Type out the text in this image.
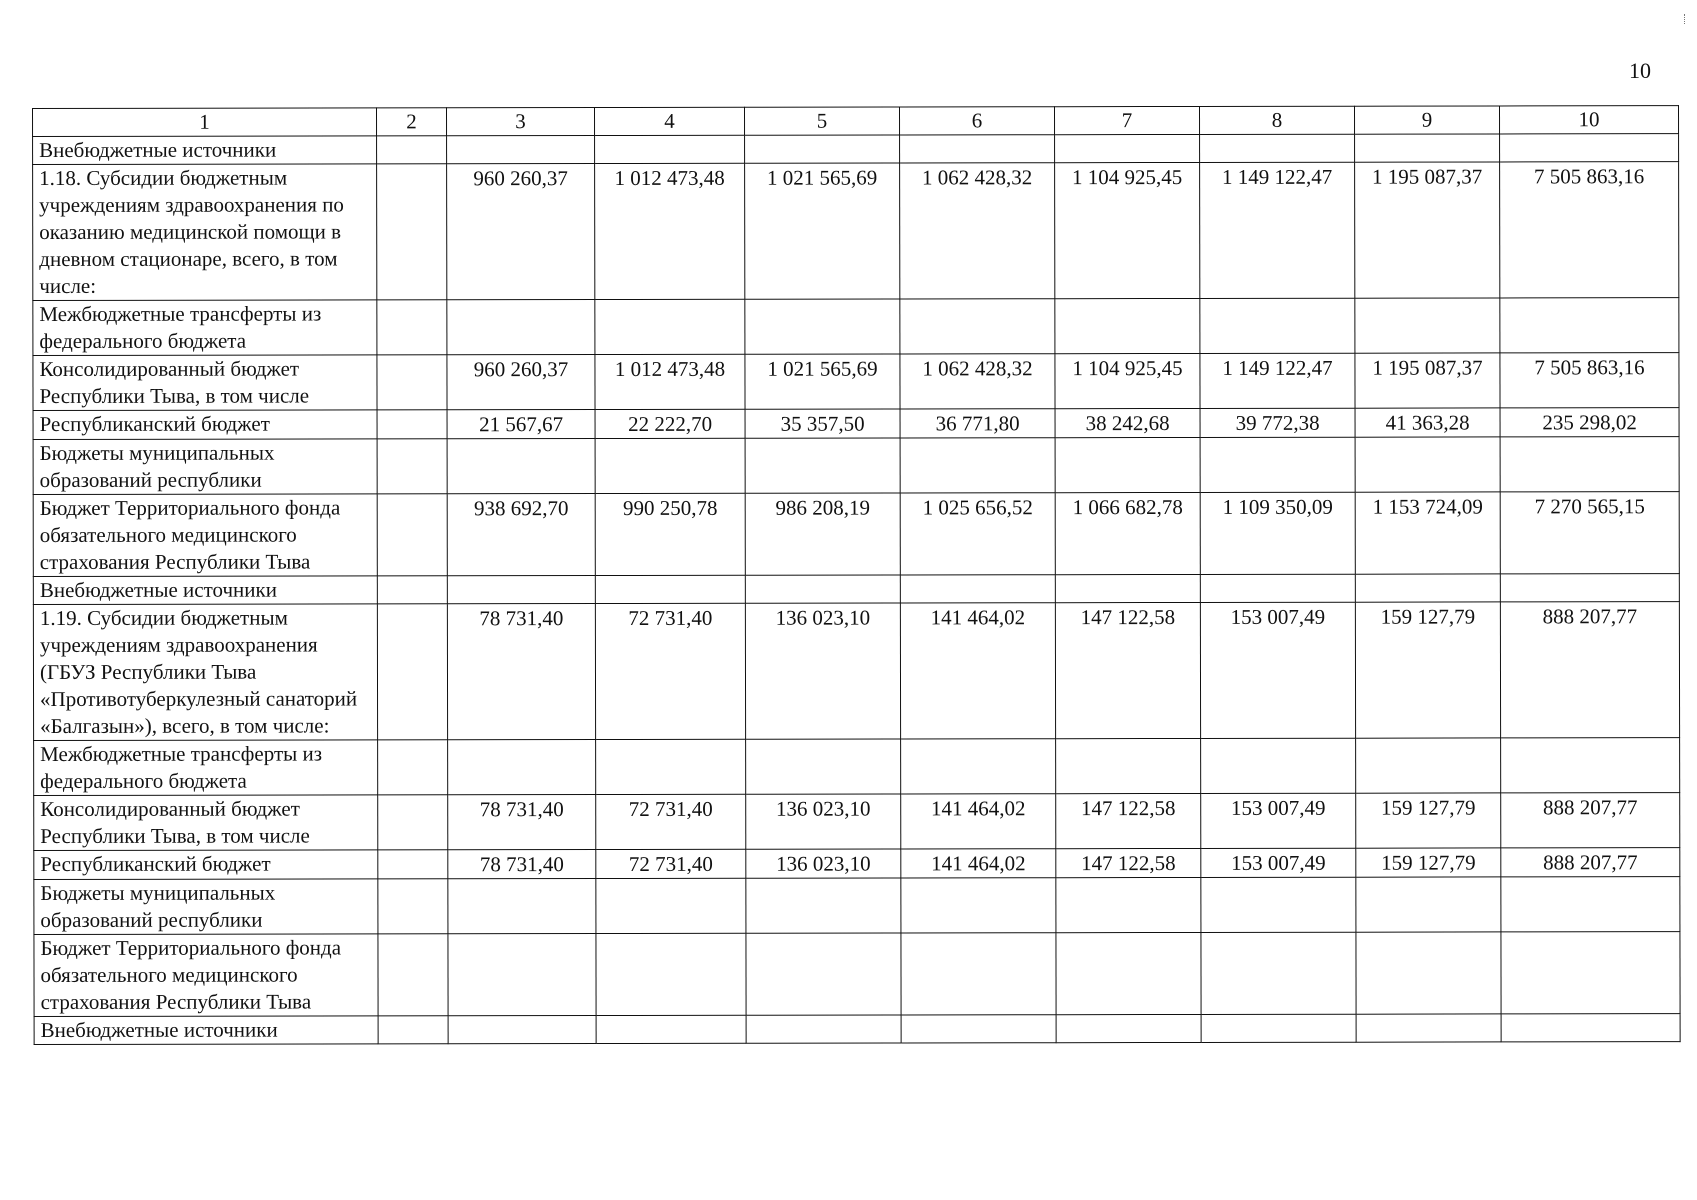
10
1	2	3	4	5	6	7	8	9	10
Внебюджетные источники									
1.18. Субсидии бюджетным учреждениям здравоохранения по оказанию медицинской помощи в дневном стационаре, всего, в том числе:		960 260,37	1 012 473,48	1 021 565,69	1 062 428,32	1 104 925,45	1 149 122,47	1 195 087,37	7 505 863,16
Межбюджетные трансферты из федерального бюджета									
Консолидированный бюджет Республики Тыва, в том числе		960 260,37	1 012 473,48	1 021 565,69	1 062 428,32	1 104 925,45	1 149 122,47	1 195 087,37	7 505 863,16
Республиканский бюджет		21 567,67	22 222,70	35 357,50	36 771,80	38 242,68	39 772,38	41 363,28	235 298,02
Бюджеты муниципальных образований республики									
Бюджет Территориального фонда обязательного медицинского страхования Республики Тыва		938 692,70	990 250,78	986 208,19	1 025 656,52	1 066 682,78	1 109 350,09	1 153 724,09	7 270 565,15
Внебюджетные источники									
1.19. Субсидии бюджетным учреждениям здравоохранения (ГБУЗ Республики Тыва «Противотуберкулезный санаторий «Балгазын»), всего, в том числе:		78 731,40	72 731,40	136 023,10	141 464,02	147 122,58	153 007,49	159 127,79	888 207,77
Межбюджетные трансферты из федерального бюджета									
Консолидированный бюджет Республики Тыва, в том числе		78 731,40	72 731,40	136 023,10	141 464,02	147 122,58	153 007,49	159 127,79	888 207,77
Республиканский бюджет		78 731,40	72 731,40	136 023,10	141 464,02	147 122,58	153 007,49	159 127,79	888 207,77
Бюджеты муниципальных образований республики									
Бюджет Территориального фонда обязательного медицинского страхования Республики Тыва									
Внебюджетные источники									
